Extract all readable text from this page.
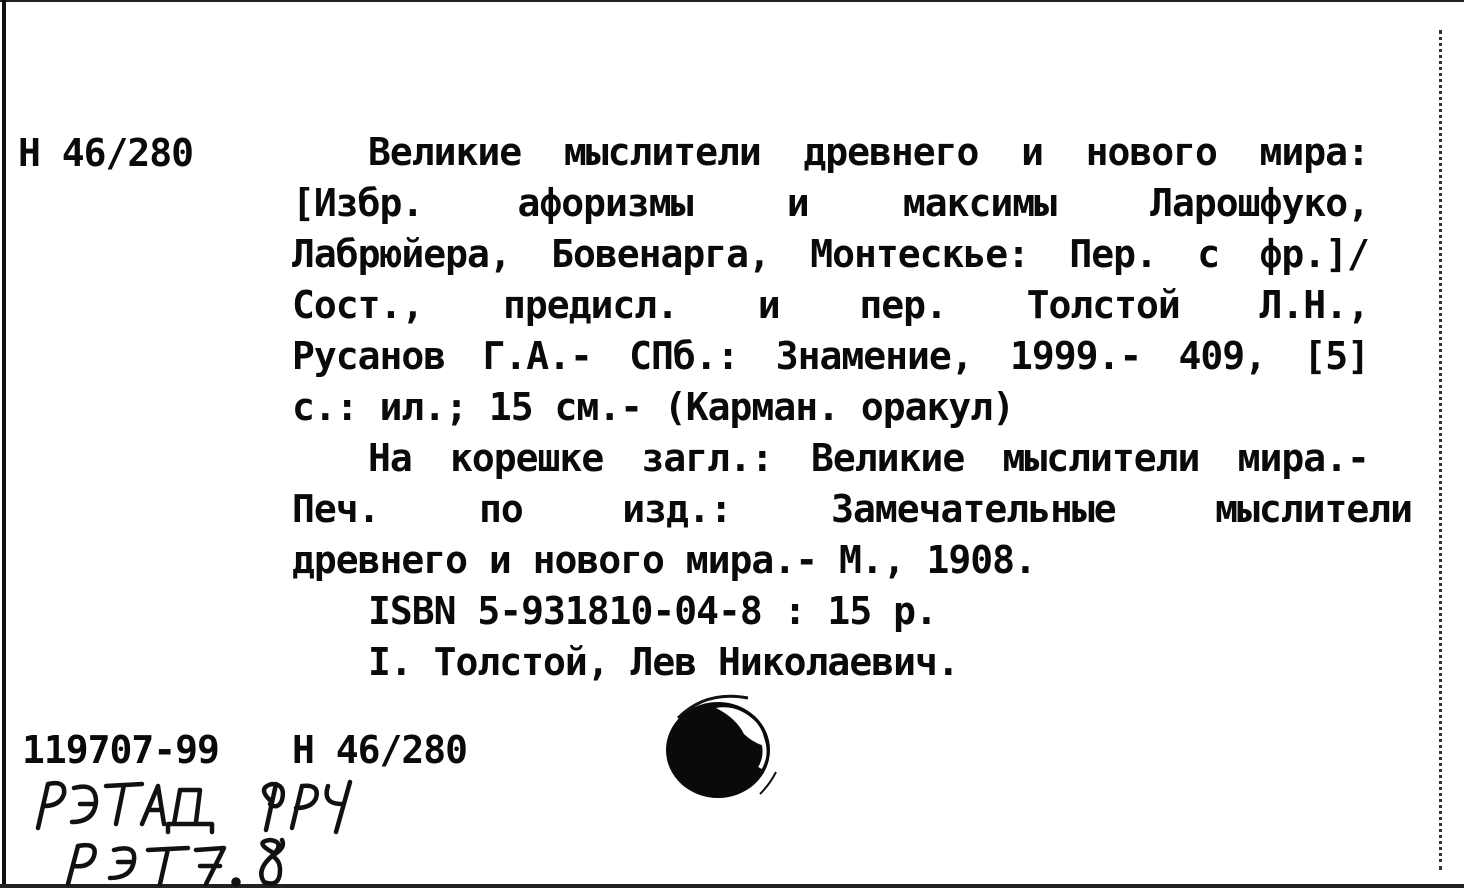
Н 46/280	Великие мыслители древнего и нового мира:
[Избр. афоризмы и максимы Ларошфуко,
Лабрюйера, Бовенарга, Монтескье: Пер. с фр.]/
Сост., предисл. и пер. Толстой Л.Н.,
Русанов Г.А.- СПб.: Знамение, 1999.- 409, [5]
с.: ил.; 15 см.- (Карман. оракул)
На корешке загл.: Великие мыслители мира.-
Печ.	по	изд.:	Замечательные	мыслители
древнего и нового мира.- М., 1908.
ISBN 5-931810-04-8 : 15 р.
I. Толстой, Лев Николаевич.
119707-99 Н 46/280
